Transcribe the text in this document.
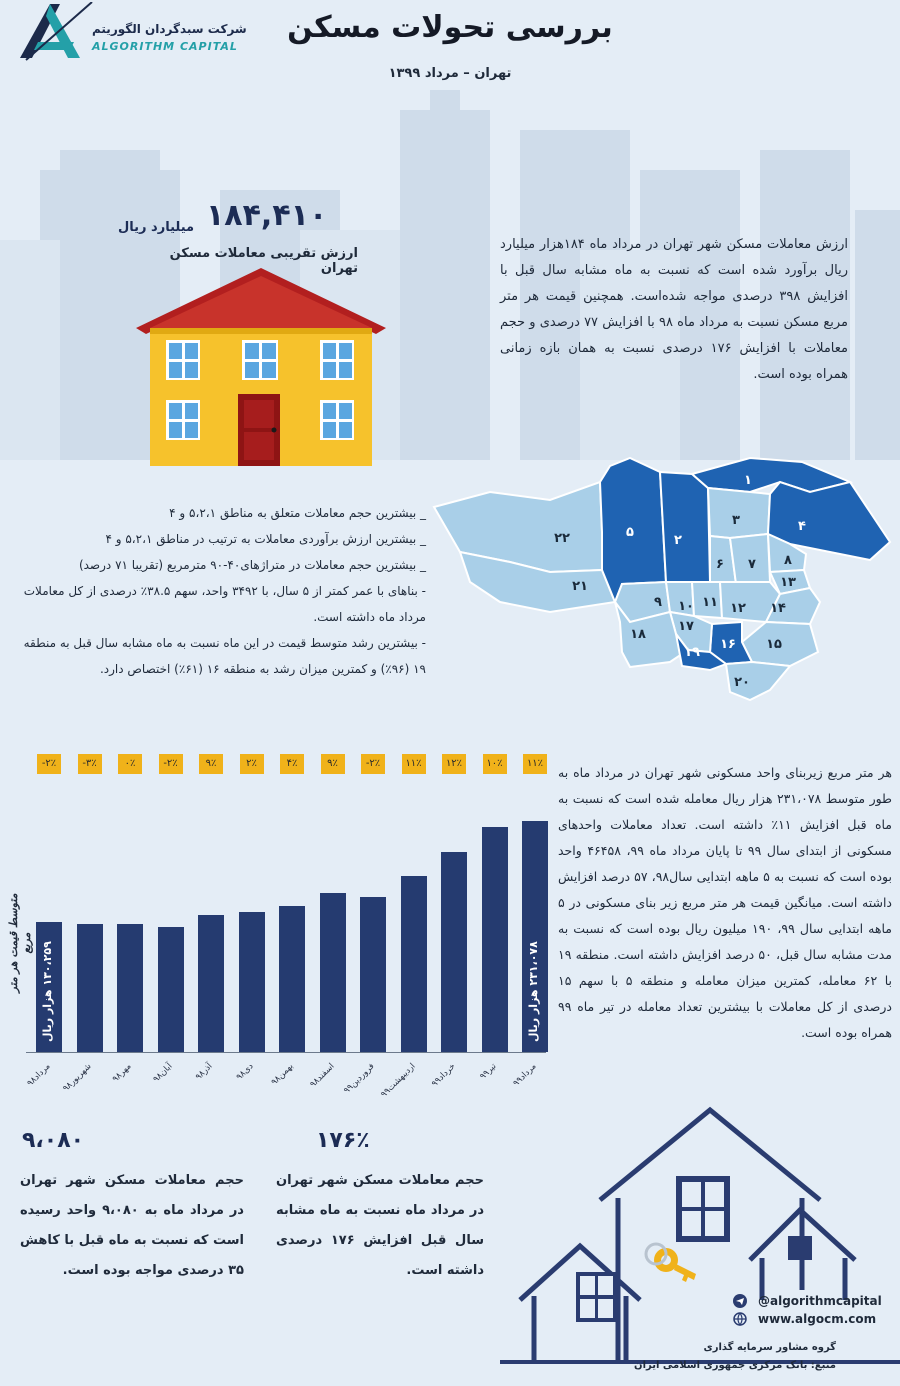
شرکت سبدگردان الگوریتم
ALGORITHM CAPITAL
بررسی تحولات مسکن
تهران – مرداد ۱۳۹۹
۱۸۴,۴۱۰
میلیارد ریال
ارزش تقریبی معاملات مسکن تهران
ارزش معاملات مسکن شهر تهران در مرداد ماه ۱۸۴هزار میلیارد ریال برآورد شده است که نسبت به ماه مشابه سال قبل با افزایش ۳۹۸ درصدی مواجه شده‌است. همچنین قیمت هر متر مربع مسکن نسبت به مرداد ماه ۹۸ با افزایش ۷۷ درصدی و حجم معاملات با افزایش ۱۷۶ درصدی نسبت به همان بازه زمانی همراه بوده است.
۱
۲
۳	۴
۵
۶ ۷ ۸
۹ ۱۰ ۱۱ ۱۲
۱۳
۱۴
۱۵
۱۶
۱۷
۱۸
۱۹
۲۰
۲۱
۲۲
_ بیشترین حجم معاملات متعلق به مناطق ۵،۲،۱ و ۴
_ بیشترین ارزش برآوردی معاملات به ترتیب در مناطق ۵،۲،۱ و ۴
_ بیشترین حجم معاملات در متراژهای۴۰-۹۰ مترمربع (تقریبا ۷۱ درصد)
- بناهای با عمر کمتر از ۵ سال، با ۳۴۹۲ واحد، سهم ۳۸.۵٪ درصدی از کل معاملات مرداد ماه داشته است.
- بیشترین رشد متوسط قیمت در این ماه نسبت به ماه مشابه سال قبل به منطقه ۱۹ (۹۶٪) و کمترین میزان رشد به منطقه ۱۶ (۶۱٪) اختصاص دارد.
-۲٪
مرداد۹۸
۱۳۰،۲۵۹ هزار ریال
-۳٪
شهریور۹۸
۰٪
مهر۹۸
-۲٪
آبان۹۸
۹٪
آذر۹۸
۲٪
دی۹۸
۴٪
بهمن۹۸
۹٪
اسفند۹۸
-۲٪
فروردین۹۹
۱۱٪
اردیبهشت۹۹
۱۲٪
خرداد۹۹
۱۰٪
تیر۹۹
۱۱٪
مرداد۹۹
۲۳۱،۰۷۸ هزار ریال
متوسط قیمت هر متر مربع
هر متر مربع زیربنای واحد مسکونی شهر تهران در مرداد ماه به طور متوسط ۲۳۱،۰۷۸ هزار ریال معامله شده است که نسبت به ماه قبل افزایش ۱۱٪ داشته است. تعداد معاملات واحدهای مسکونی از ابتدای سال ۹۹ تا پایان مرداد ماه ۹۹، ۴۶۴۵۸ واحد بوده است که نسبت به ۵ ماهه ابتدایی سال۹۸، ۵۷ درصد افزایش داشته است. میانگین قیمت هر متر مربع زیر بنای مسکونی در ۵ ماهه ابتدایی سال ۹۹، ۱۹۰ میلیون ریال بوده است که نسبت به مدت مشابه سال قبل، ۵۰ درصد افزایش داشته است. منطقه ۱۹ با ۶۲ معامله، کمترین میزان معامله و منطقه ۵ با سهم ۱۵ درصدی از کل معاملات با بیشترین تعداد معامله در تیر ماه ۹۹ همراه بوده است.
۹،۰۸۰
حجم معاملات مسکن شهر تهران در مرداد ماه به ۹،۰۸۰ واحد رسیده است که نسبت به ماه قبل با کاهش ۳۵ درصدی مواجه بوده است.
۱۷۶٪
حجم معاملات مسکن شهر تهران در مرداد ماه نسبت به ماه مشابه سال قبل افزایش ۱۷۶ درصدی داشته است.
@algorithmcapital
www.algocm.com
گروه مشاور سرمایه گذاری
منبع: بانک مرکزی جمهوری اسلامی ایران
